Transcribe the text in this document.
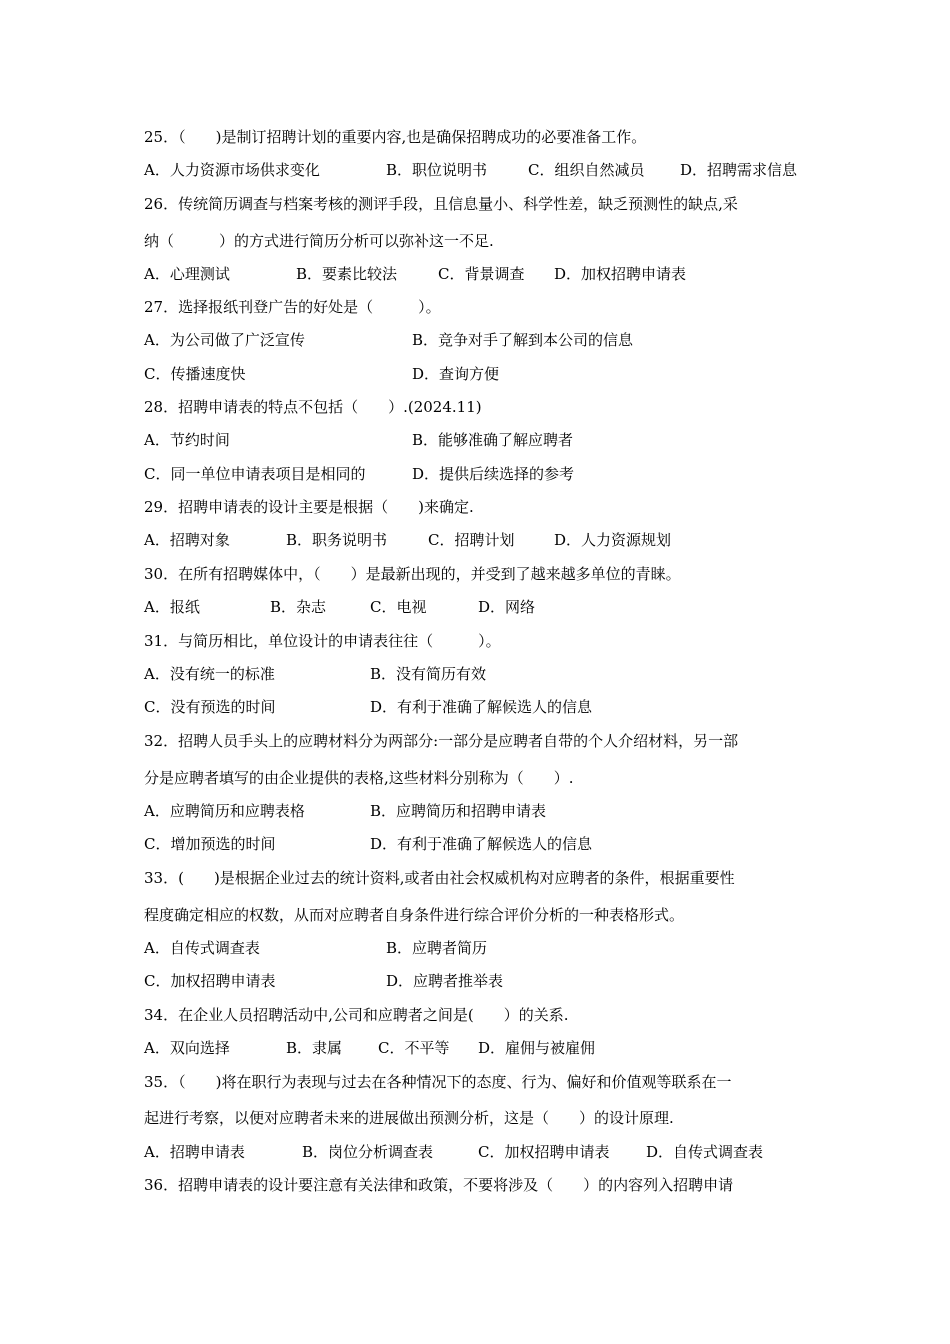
25．（　　)是制订招聘计划的重要内容,也是确保招聘成功的必要准备工作。
A．人力资源市场供求变化	B．职位说明书	C．组织自然减员 D．招聘需求信息
26．传统简历调查与档案考核的测评手段，且信息量小、科学性差，缺乏预测性的缺点,采
纳（　　　）的方式进行简历分析可以弥补这一不足.
A．心理测试	B．要素比较法	C．背景调查 D．加权招聘申请表
27．选择报纸刊登广告的好处是（　　　）。
A．为公司做了广泛宣传	B．竞争对手了解到本公司的信息
C．传播速度快	D．查询方便
28．招聘申请表的特点不包括（　　）.(2024.11)
A．节约时间	B．能够准确了解应聘者
C．同一单位申请表项目是相同的	D．提供后续选择的参考
29．招聘申请表的设计主要是根据（　　)来确定.
A．招聘对象	B．职务说明书	C．招聘计划	D．人力资源规划
30．在所有招聘媒体中，（　　）是最新出现的，并受到了越来越多单位的青睐。
A．报纸	B．杂志	C．电视	D．网络
31．与简历相比，单位设计的申请表往往（　　　）。
A．没有统一的标准	B．没有简历有效
C．没有预选的时间	D．有利于准确了解候选人的信息
32．招聘人员手头上的应聘材料分为两部分:一部分是应聘者自带的个人介绍材料，另一部
分是应聘者填写的由企业提供的表格,这些材料分别称为（　　）.
A．应聘简历和应聘表格	B．应聘简历和招聘申请表
C．增加预选的时间	D．有利于准确了解候选人的信息
33．(　　)是根据企业过去的统计资料,或者由社会权威机构对应聘者的条件，根据重要性
程度确定相应的权数，从而对应聘者自身条件进行综合评价分析的一种表格形式。
A．自传式调查表	B．应聘者简历
C．加权招聘申请表	D．应聘者推举表
34．在企业人员招聘活动中,公司和应聘者之间是(　　）的关系.
A．双向选择	B．隶属 C．不平等 D．雇佣与被雇佣
35．（　　)将在职行为表现与过去在各种情况下的态度、行为、偏好和价值观等联系在一
起进行考察，以便对应聘者未来的进展做出预测分析，这是（　　）的设计原理.
A．招聘申请表	B．岗位分析调查表	C．加权招聘申请表 D．自传式调查表
36．招聘申请表的设计要注意有关法律和政策，不要将涉及（　　）的内容列入招聘申请
